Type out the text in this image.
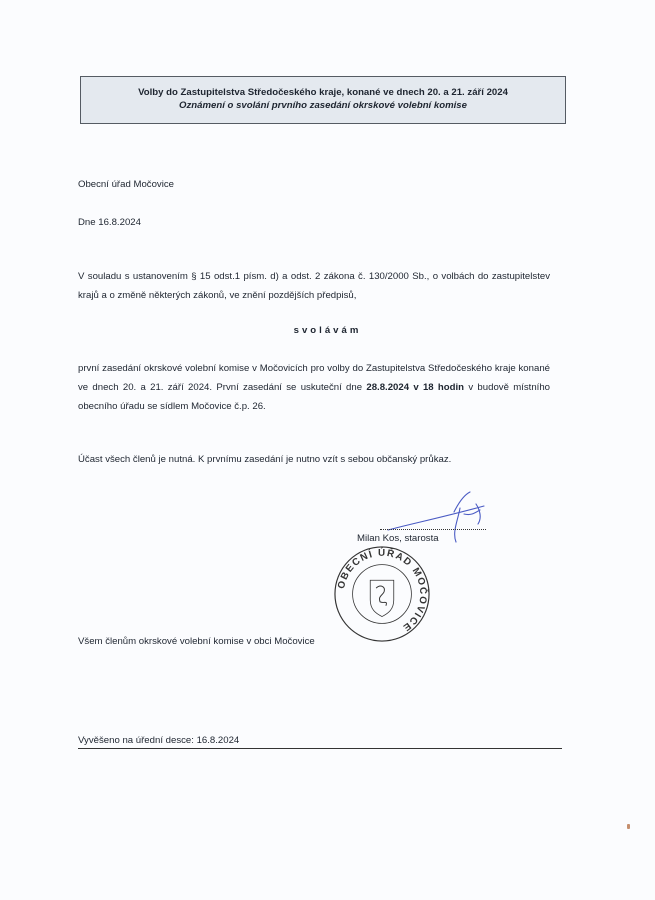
Volby do Zastupitelstva Středočeského kraje, konané ve dnech 20. a 21. září 2024
Oznámení o svolání prvního zasedání okrskové volební komise
Obecní úřad Močovice
Dne 16.8.2024
V souladu s ustanovením § 15 odst.1 písm. d) a odst. 2 zákona č. 130/2000 Sb., o volbách do zastupitelstev krajů a o změně některých zákonů, ve znění pozdějších předpisů,
svolávám
první zasedání okrskové volební komise v Močovicích pro volby do Zastupitelstva Středočeského kraje konané ve dnech 20. a 21. září 2024. První zasedání se uskuteční dne 28.8.2024 v 18 hodin v budově místního obecního úřadu se sídlem Močovice č.p. 26.
Účast všech členů je nutná. K prvnímu zasedání je nutno vzít s sebou občanský průkaz.
Milan Kos, starosta
OBECNÍ ÚŘAD MOČOVICE
Všem členům okrskové volební komise v obci Močovice
Vyvěšeno na úřední desce: 16.8.2024
